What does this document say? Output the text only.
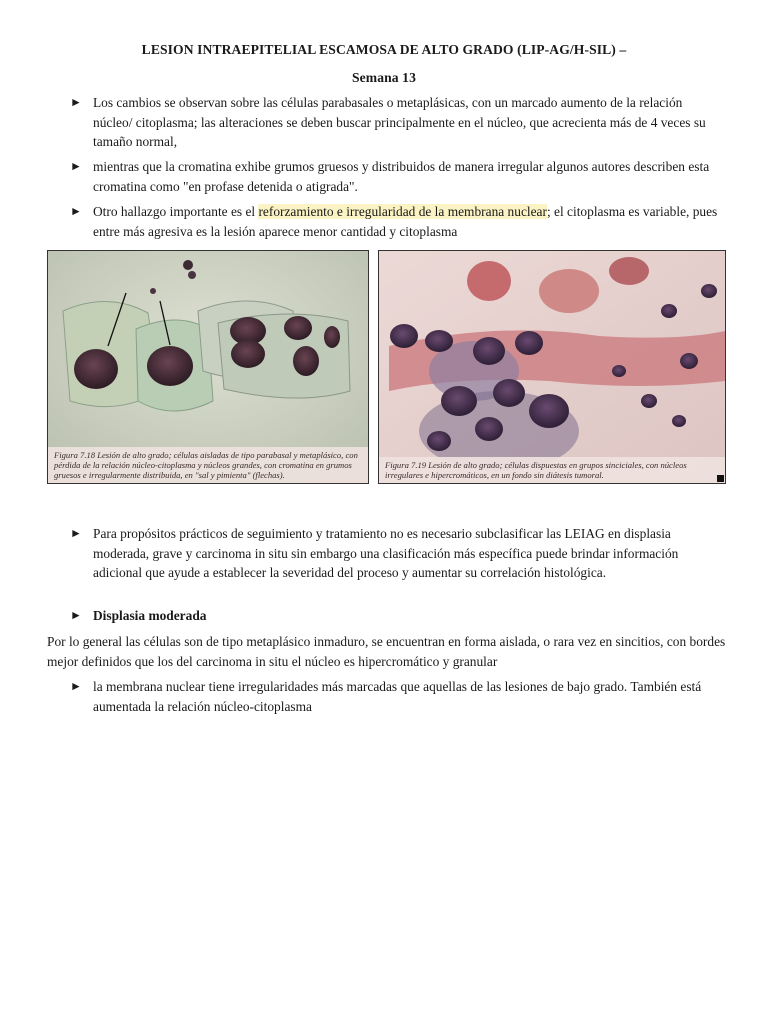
LESION INTRAEPITELIAL ESCAMOSA DE ALTO GRADO (LIP-AG/H-SIL) –
Semana 13
► Los cambios se observan sobre las células parabasales o metaplásicas, con un marcado aumento de la relación núcleo/ citoplasma; las alteraciones se deben buscar principalmente en el núcleo, que acrecienta más de 4 veces su tamaño normal,
► mientras que la cromatina exhibe grumos gruesos y distribuidos de manera irregular algunos autores describen esta cromatina como "en profase detenida o atigrada".
► Otro hallazgo importante es el reforzamiento e irregularidad de la membrana nuclear; el citoplasma es variable, pues entre más agresiva es la lesión aparece menor cantidad y citoplasma
Figura 7.18 Lesión de alto grado; células aisladas de tipo parabasal y metaplásico, con pérdida de la relación núcleo-citoplasma y núcleos grandes, con cromatina en grumos gruesos e irregularmente distribuida, en "sal y pimienta" (flechas).
Figura 7.19 Lesión de alto grado; células dispuestas en grupos sinciciales, con núcleos irregulares e hipercromáticos, en un fondo sin diátesis tumoral.
► Para propósitos prácticos de seguimiento y tratamiento no es necesario subclasificar las LEIAG en displasia moderada, grave y carcinoma in situ sin embargo una clasificación más específica puede brindar información adicional que ayude a establecer la severidad del proceso y aumentar su correlación histológica.
► Displasia moderada
Por lo general las células son de tipo metaplásico inmaduro, se encuentran en forma aislada, o rara vez en sincitios, con bordes mejor definidos que los del carcinoma in situ el núcleo es hipercromático y granular
► la membrana nuclear tiene irregularidades más marcadas que aquellas de las lesiones de bajo grado. También está aumentada la relación núcleo-citoplasma
